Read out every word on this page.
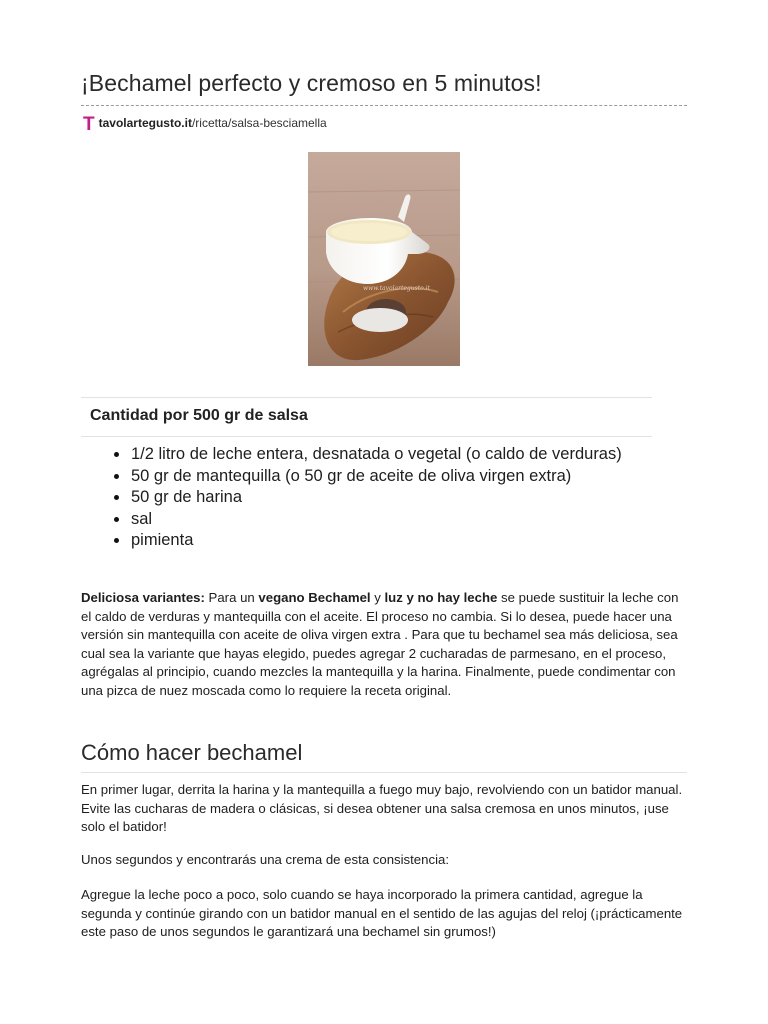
¡Bechamel perfecto y cremoso en 5 minutos!
Ttavolartegusto.it/ricetta/salsa-besciamella
www.tavolartegusto.it
Cantidad por 500 gr de salsa
1/2 litro de leche entera, desnatada o vegetal (o caldo de verduras)
50 gr de mantequilla (o 50 gr de aceite de oliva virgen extra)
50 gr de harina
sal
pimienta

Deliciosa variantes: Para un vegano Bechamel y luz y no hay leche se puede sustituir la leche con el caldo de verduras y mantequilla con el aceite. El proceso no cambia. Si lo desea, puede hacer una versión sin mantequilla con aceite de oliva virgen extra . Para que tu bechamel sea más deliciosa, sea cual sea la variante que hayas elegido, puedes agregar 2 cucharadas de parmesano, en el proceso, agrégalas al principio, cuando mezcles la mantequilla y la harina. Finalmente, puede condimentar con una pizca de nuez moscada como lo requiere la receta original.

Cómo hacer bechamel

En primer lugar, derrita la harina y la mantequilla a fuego muy bajo, revolviendo con un batidor manual. Evite las cucharas de madera o clásicas, si desea obtener una salsa cremosa en unos minutos, ¡use solo el batidor!

Unos segundos y encontrarás una crema de esta consistencia:

Agregue la leche poco a poco, solo cuando se haya incorporado la primera cantidad, agregue la segunda y continúe girando con un batidor manual en el sentido de las agujas del reloj (¡prácticamente este paso de unos segundos le garantizará una bechamel sin grumos!)
